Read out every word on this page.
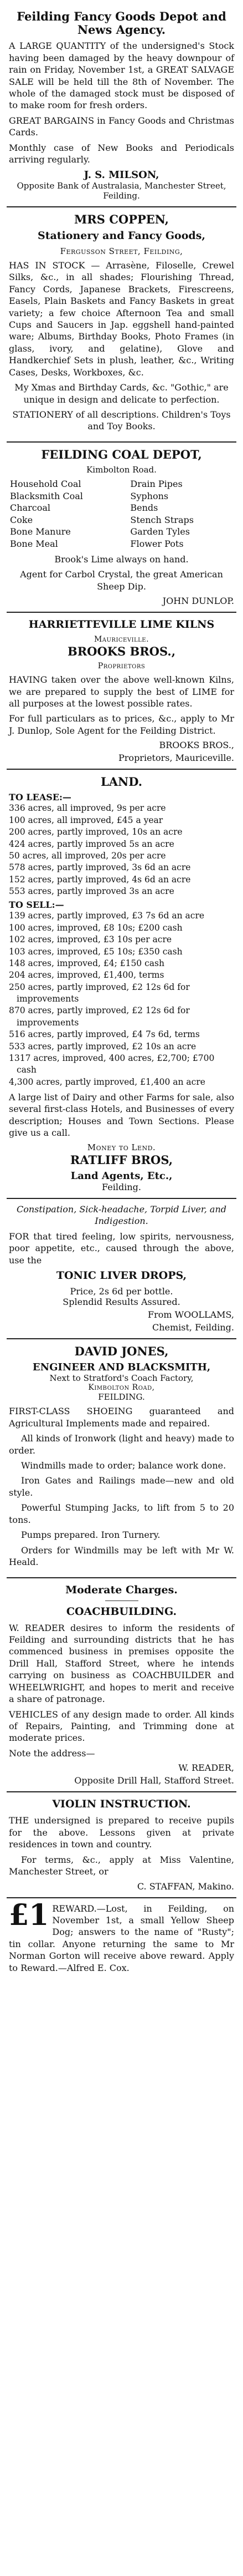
Feilding Fancy Goods Depot and News Agency.

A LARGE QUANTITY of the undersigned's Stock having been damaged by the heavy downpour of rain on Friday, November 1st, a GREAT SALVAGE SALE will be held till the 8th of November. The whole of the damaged stock must be disposed of to make room for fresh orders.

GREAT BARGAINS in Fancy Goods and Christmas Cards.

Monthly case of New Books and Periodicals arriving regularly.

J. S. MILSON,
Opposite Bank of Australasia, Manchester Street, Feilding.
MRS COPPEN,
Stationery and Fancy Goods,
Fergusson Street, Feilding,

HAS IN STOCK — Arrasène, Filoselle, Crewel Silks, &c., in all shades; Flourishing Thread, Fancy Cords, Japanese Brackets, Firescreens, Easels, Plain Baskets and Fancy Baskets in great variety; a few choice Afternoon Tea and small Cups and Saucers in Jap. eggshell hand-painted ware; Albums, Birthday Books, Photo Frames (in glass, ivory, and gelatine), Glove and Handkerchief Sets in plush, leather, &c., Writing Cases, Desks, Workboxes, &c.

My Xmas and Birthday Cards, &c. "Gothic," are unique in design and delicate to perfection.

STATIONERY of all descriptions. Children's Toys and Toy Books.

FEILDING COAL DEPOT,
Kimbolton Road.
Household Coal	Drain Pipes
Blacksmith Coal	Syphons
Charcoal	Bends
Coke	Stench Straps
Bone Manure	Garden Tyles
Bone Meal	Flower Pots

Brook's Lime always on hand.

Agent for Carbol Crystal, the great American Sheep Dip.

JOHN DUNLOP.
HARRIETTEVILLE LIME KILNS
Mauriceville.
BROOKS BROS.,
Proprietors

HAVING taken over the above well-known Kilns, we are prepared to supply the best of LIME for all purposes at the lowest possible rates.

For full particulars as to prices, &c., apply to Mr J. Dunlop, Sole Agent for the Feilding District.

BROOKS BROS.,
Proprietors, Mauriceville.
LAND.
TO LEASE:—
336 acres, all improved, 9s per acre
100 acres, all improved, £45 a year
200 acres, partly improved, 10s an acre
424 acres, partly improved 5s an acre
50 acres, all improved, 20s per acre
578 acres, partly improved, 3s 6d an acre
152 acres, partly improved, 4s 6d an acre
553 acres, partly improved 3s an acre
TO SELL:—
139 acres, partly improved, £3 7s 6d an acre
100 acres, improved, £8 10s; £200 cash
102 acres, improved, £3 10s per acre
103 acres, improved, £5 10s; £350 cash
148 acres, improved, £4; £150 cash
204 acres, improved, £1,400, terms
250 acres, partly improved, £2 12s 6d for improvements
870 acres, partly improved, £2 12s 6d for improvements
516 acres, partly improved, £4 7s 6d, terms
533 acres, partly improved, £2 10s an acre
1317 acres, improved, 400 acres, £2,700; £700 cash
4,300 acres, partly improved, £1,400 an acre

A large list of Dairy and other Farms for sale, also several first-class Hotels, and Businesses of every description; Houses and Town Sections. Please give us a call.

Money to Lend.
RATLIFF BROS,
Land Agents, Etc.,
Feilding.

Constipation, Sick-headache, Torpid Liver, and Indigestion.

FOR that tired feeling, low spirits, nervousness, poor appetite, etc., caused through the above, use the

TONIC LIVER DROPS,
Price, 2s 6d per bottle.
Splendid Results Assured.
From WOOLLAMS,
Chemist, Feilding.
DAVID JONES,
ENGINEER AND BLACKSMITH,
Next to Stratford's Coach Factory,
Kimbolton Road,
FEILDING.

FIRST-CLASS SHOEING guaranteed and Agricultural Implements made and repaired.

All kinds of Ironwork (light and heavy) made to order.

Windmills made to order; balance work done.

Iron Gates and Railings made—new and old style.

Powerful Stumping Jacks, to lift from 5 to 20 tons.

Pumps prepared. Iron Turnery.

Orders for Windmills may be left with Mr W. Heald.

Moderate Charges.
COACHBUILDING.

W. READER desires to inform the residents of Feilding and surrounding districts that he has commenced business in premises opposite the Drill Hall, Stafford Street, where he intends carrying on business as COACHBUILDER and WHEELWRIGHT, and hopes to merit and receive a share of patronage.

VEHICLES of any design made to order. All kinds of Repairs, Painting, and Trimming done at moderate prices.

Note the address—

W. READER,
Opposite Drill Hall, Stafford Street.
VIOLIN INSTRUCTION.

THE undersigned is prepared to receive pupils for the above. Lessons given at private residences in town and country.

For terms, &c., apply at Miss Valentine, Manchester Street, or

C. STAFFAN, Makino.

£1 REWARD.—Lost, in Feilding, on November 1st, a small Yellow Sheep Dog; answers to the name of "Rusty"; tin collar. Anyone returning the same to Mr Norman Gorton will receive above reward. Apply to Reward.—Alfred E. Cox.
